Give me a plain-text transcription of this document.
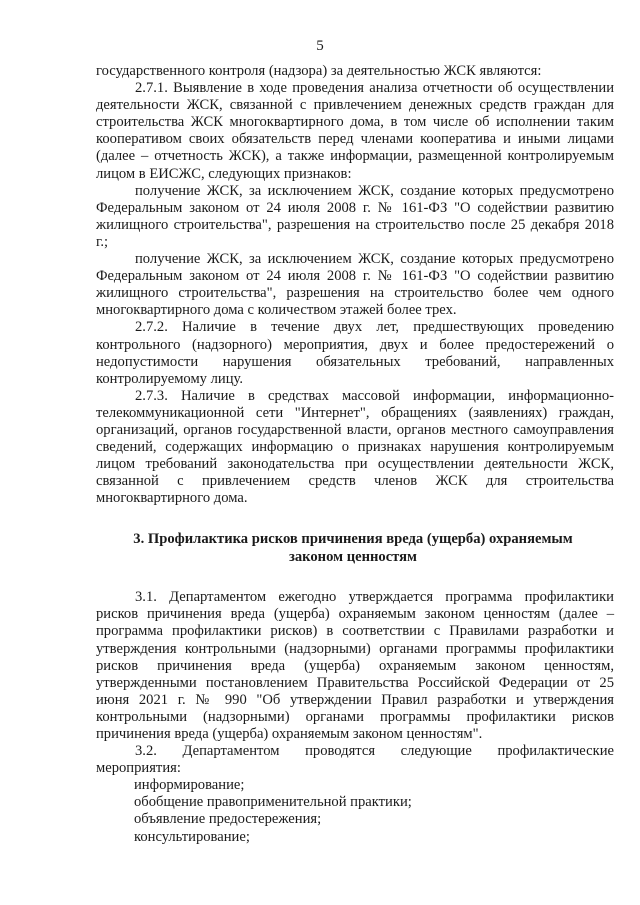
5

государственного контроля (надзора) за деятельностью ЖСК являются:

2.7.1. Выявление в ходе проведения анализа отчетности об осуществлении деятельности ЖСК, связанной с привлечением денежных средств граждан для строительства ЖСК многоквартирного дома, в том числе об исполнении таким кооперативом своих обязательств перед членами кооператива и иными лицами (далее – отчетность ЖСК), а также информации, размещенной контролируемым лицом в ЕИСЖС, следующих признаков:

получение ЖСК, за исключением ЖСК, создание которых предусмотрено Федеральным законом от 24 июля 2008 г. № 161-ФЗ "О содействии развитию жилищного строительства", разрешения на строительство после 25 декабря 2018 г.;

получение ЖСК, за исключением ЖСК, создание которых предусмотрено Федеральным законом от 24 июля 2008 г. № 161-ФЗ "О содействии развитию жилищного строительства", разрешения на строительство более чем одного многоквартирного дома с количеством этажей более трех.

2.7.2. Наличие в течение двух лет, предшествующих проведению контрольного (надзорного) мероприятия, двух и более предостережений о недопустимости нарушения обязательных требований, направленных контролируемому лицу.

2.7.3. Наличие в средствах массовой информации, информационно-телекоммуникационной сети "Интернет", обращениях (заявлениях) граждан, организаций, органов государственной власти, органов местного самоуправления сведений, содержащих информацию о признаках нарушения контролируемым лицом требований законодательства при осуществлении деятельности ЖСК, связанной с привлечением средств членов ЖСК для строительства многоквартирного дома.

3. Профилактика рисков причинения вреда (ущерба) охраняемым законом ценностям

3.1. Департаментом ежегодно утверждается программа профилактики рисков причинения вреда (ущерба) охраняемым законом ценностям (далее – программа профилактики рисков) в соответствии с Правилами разработки и утверждения контрольными (надзорными) органами программы профилактики рисков причинения вреда (ущерба) охраняемым законом ценностям, утвержденными постановлением Правительства Российской Федерации от 25 июня 2021 г. № 990 "Об утверждении Правил разработки и утверждения контрольными (надзорными) органами программы профилактики рисков причинения вреда (ущерба) охраняемым законом ценностям".

3.2. Департаментом проводятся следующие профилактические мероприятия:

информирование;

обобщение правоприменительной практики;

объявление предостережения;

консультирование;
